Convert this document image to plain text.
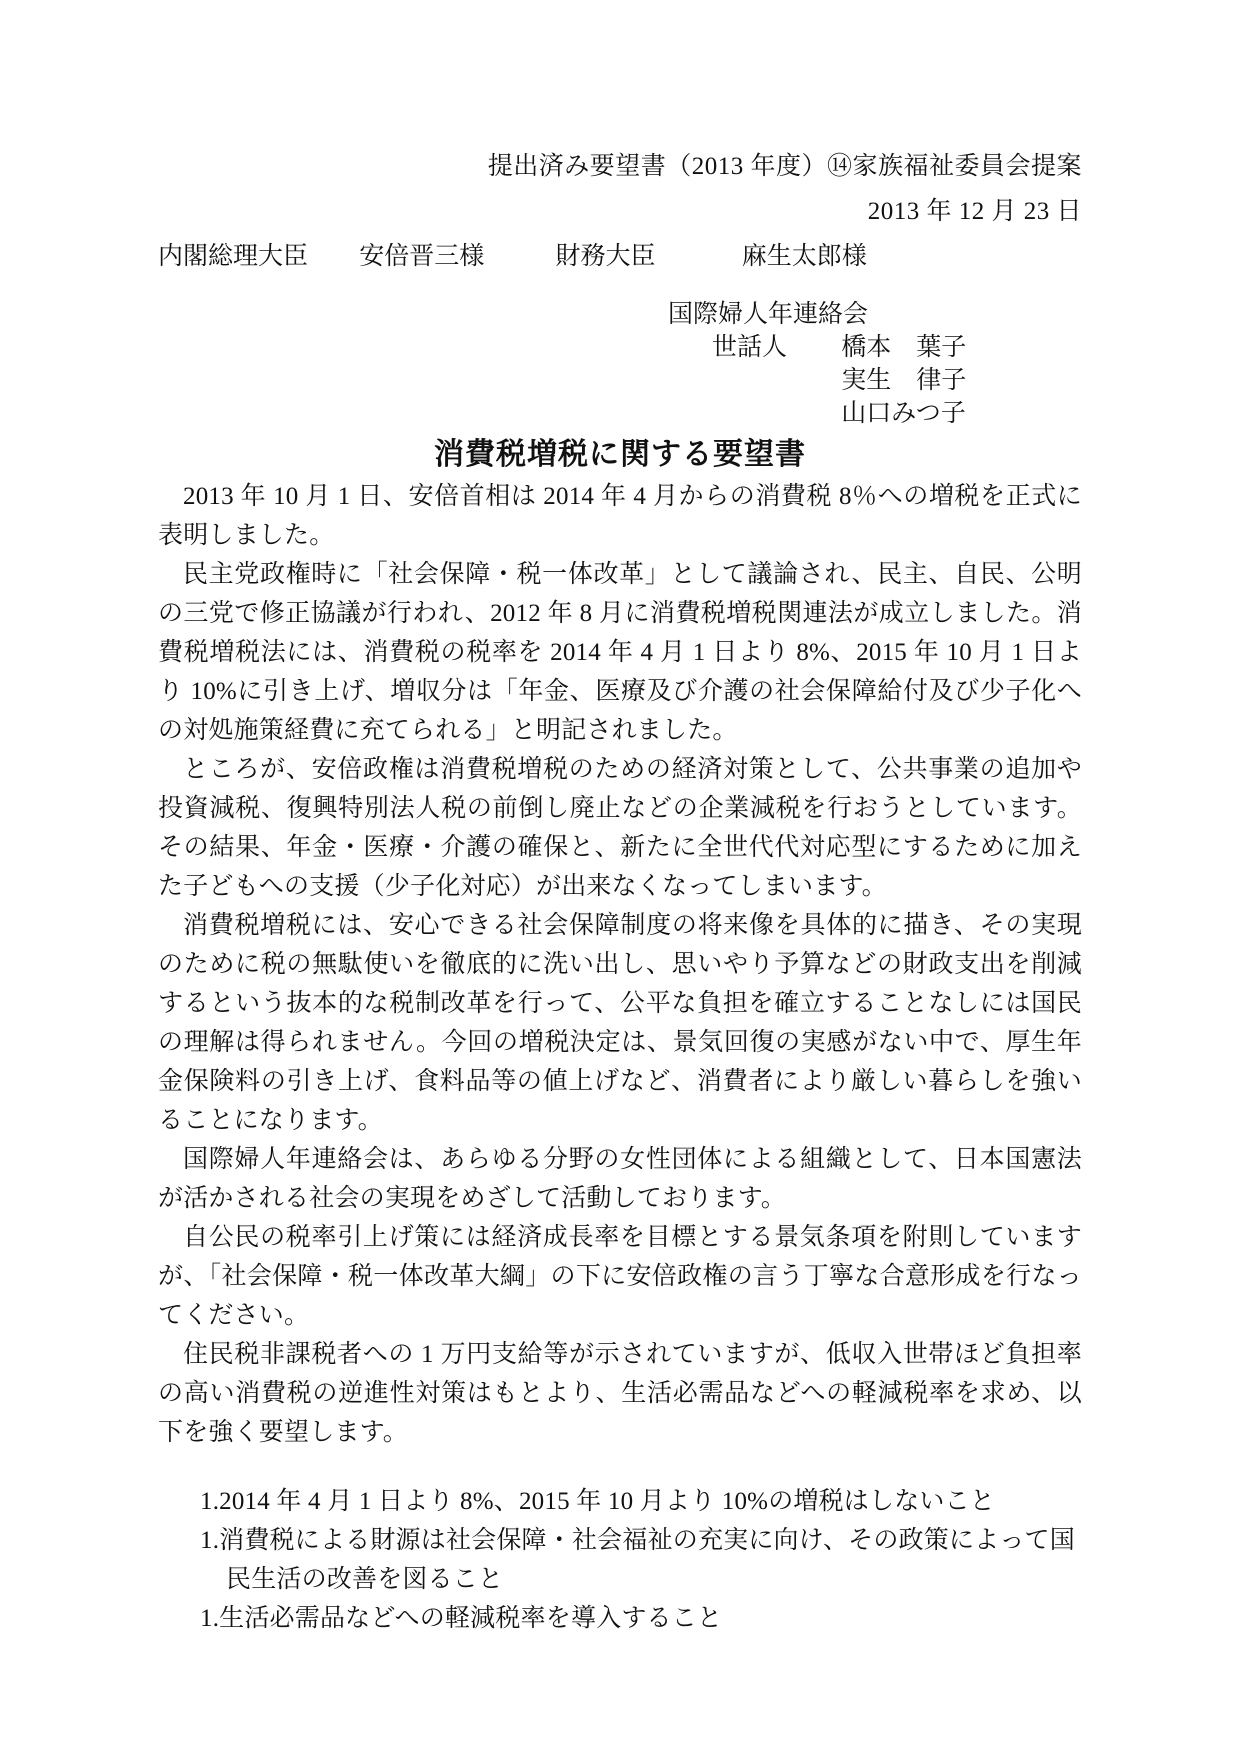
提出済み要望書（2013 年度）⑭家族福祉委員会提案
2013 年 12 月 23 日
内閣総理大臣 安倍晋三様	財務大臣	麻生太郎様
国際婦人年連絡会
世話人 橋本　葉子
実生　律子
山口みつ子
消費税増税に関する要望書

2013 年 10 月 1 日、安倍首相は 2014 年 4 月からの消費税 8％への増税を正式に表明しました。

民主党政権時に「社会保障・税一体改革」として議論され、民主、自民、公明の三党で修正協議が行われ、2012 年 8 月に消費税増税関連法が成立しました。消費税増税法には、消費税の税率を 2014 年 4 月 1 日より 8%、2015 年 10 月 1 日より 10%に引き上げ、増収分は「年金、医療及び介護の社会保障給付及び少子化への対処施策経費に充てられる」と明記されました。

ところが、安倍政権は消費税増税のための経済対策として、公共事業の追加や投資減税、復興特別法人税の前倒し廃止などの企業減税を行おうとしています。その結果、年金・医療・介護の確保と、新たに全世代代対応型にするために加えた子どもへの支援（少子化対応）が出来なくなってしまいます。

消費税増税には、安心できる社会保障制度の将来像を具体的に描き、その実現のために税の無駄使いを徹底的に洗い出し、思いやり予算などの財政支出を削減するという抜本的な税制改革を行って、公平な負担を確立することなしには国民の理解は得られません。今回の増税決定は、景気回復の実感がない中で、厚生年金保険料の引き上げ、食料品等の値上げなど、消費者により厳しい暮らしを強いることになります。

国際婦人年連絡会は、あらゆる分野の女性団体による組織として、日本国憲法が活かされる社会の実現をめざして活動しております。

自公民の税率引上げ策には経済成長率を目標とする景気条項を附則していますが、「社会保障・税一体改革大綱」の下に安倍政権の言う丁寧な合意形成を行なってください。

住民税非課税者への 1 万円支給等が示されていますが、低収入世帯ほど負担率の高い消費税の逆進性対策はもとより、生活必需品などへの軽減税率を求め、以下を強く要望します。

1.2014 年 4 月 1 日より 8%、2015 年 10 月より 10%の増税はしないこと

1.消費税による財源は社会保障・社会福祉の充実に向け、その政策によって国民生活の改善を図ること

1.生活必需品などへの軽減税率を導入すること
